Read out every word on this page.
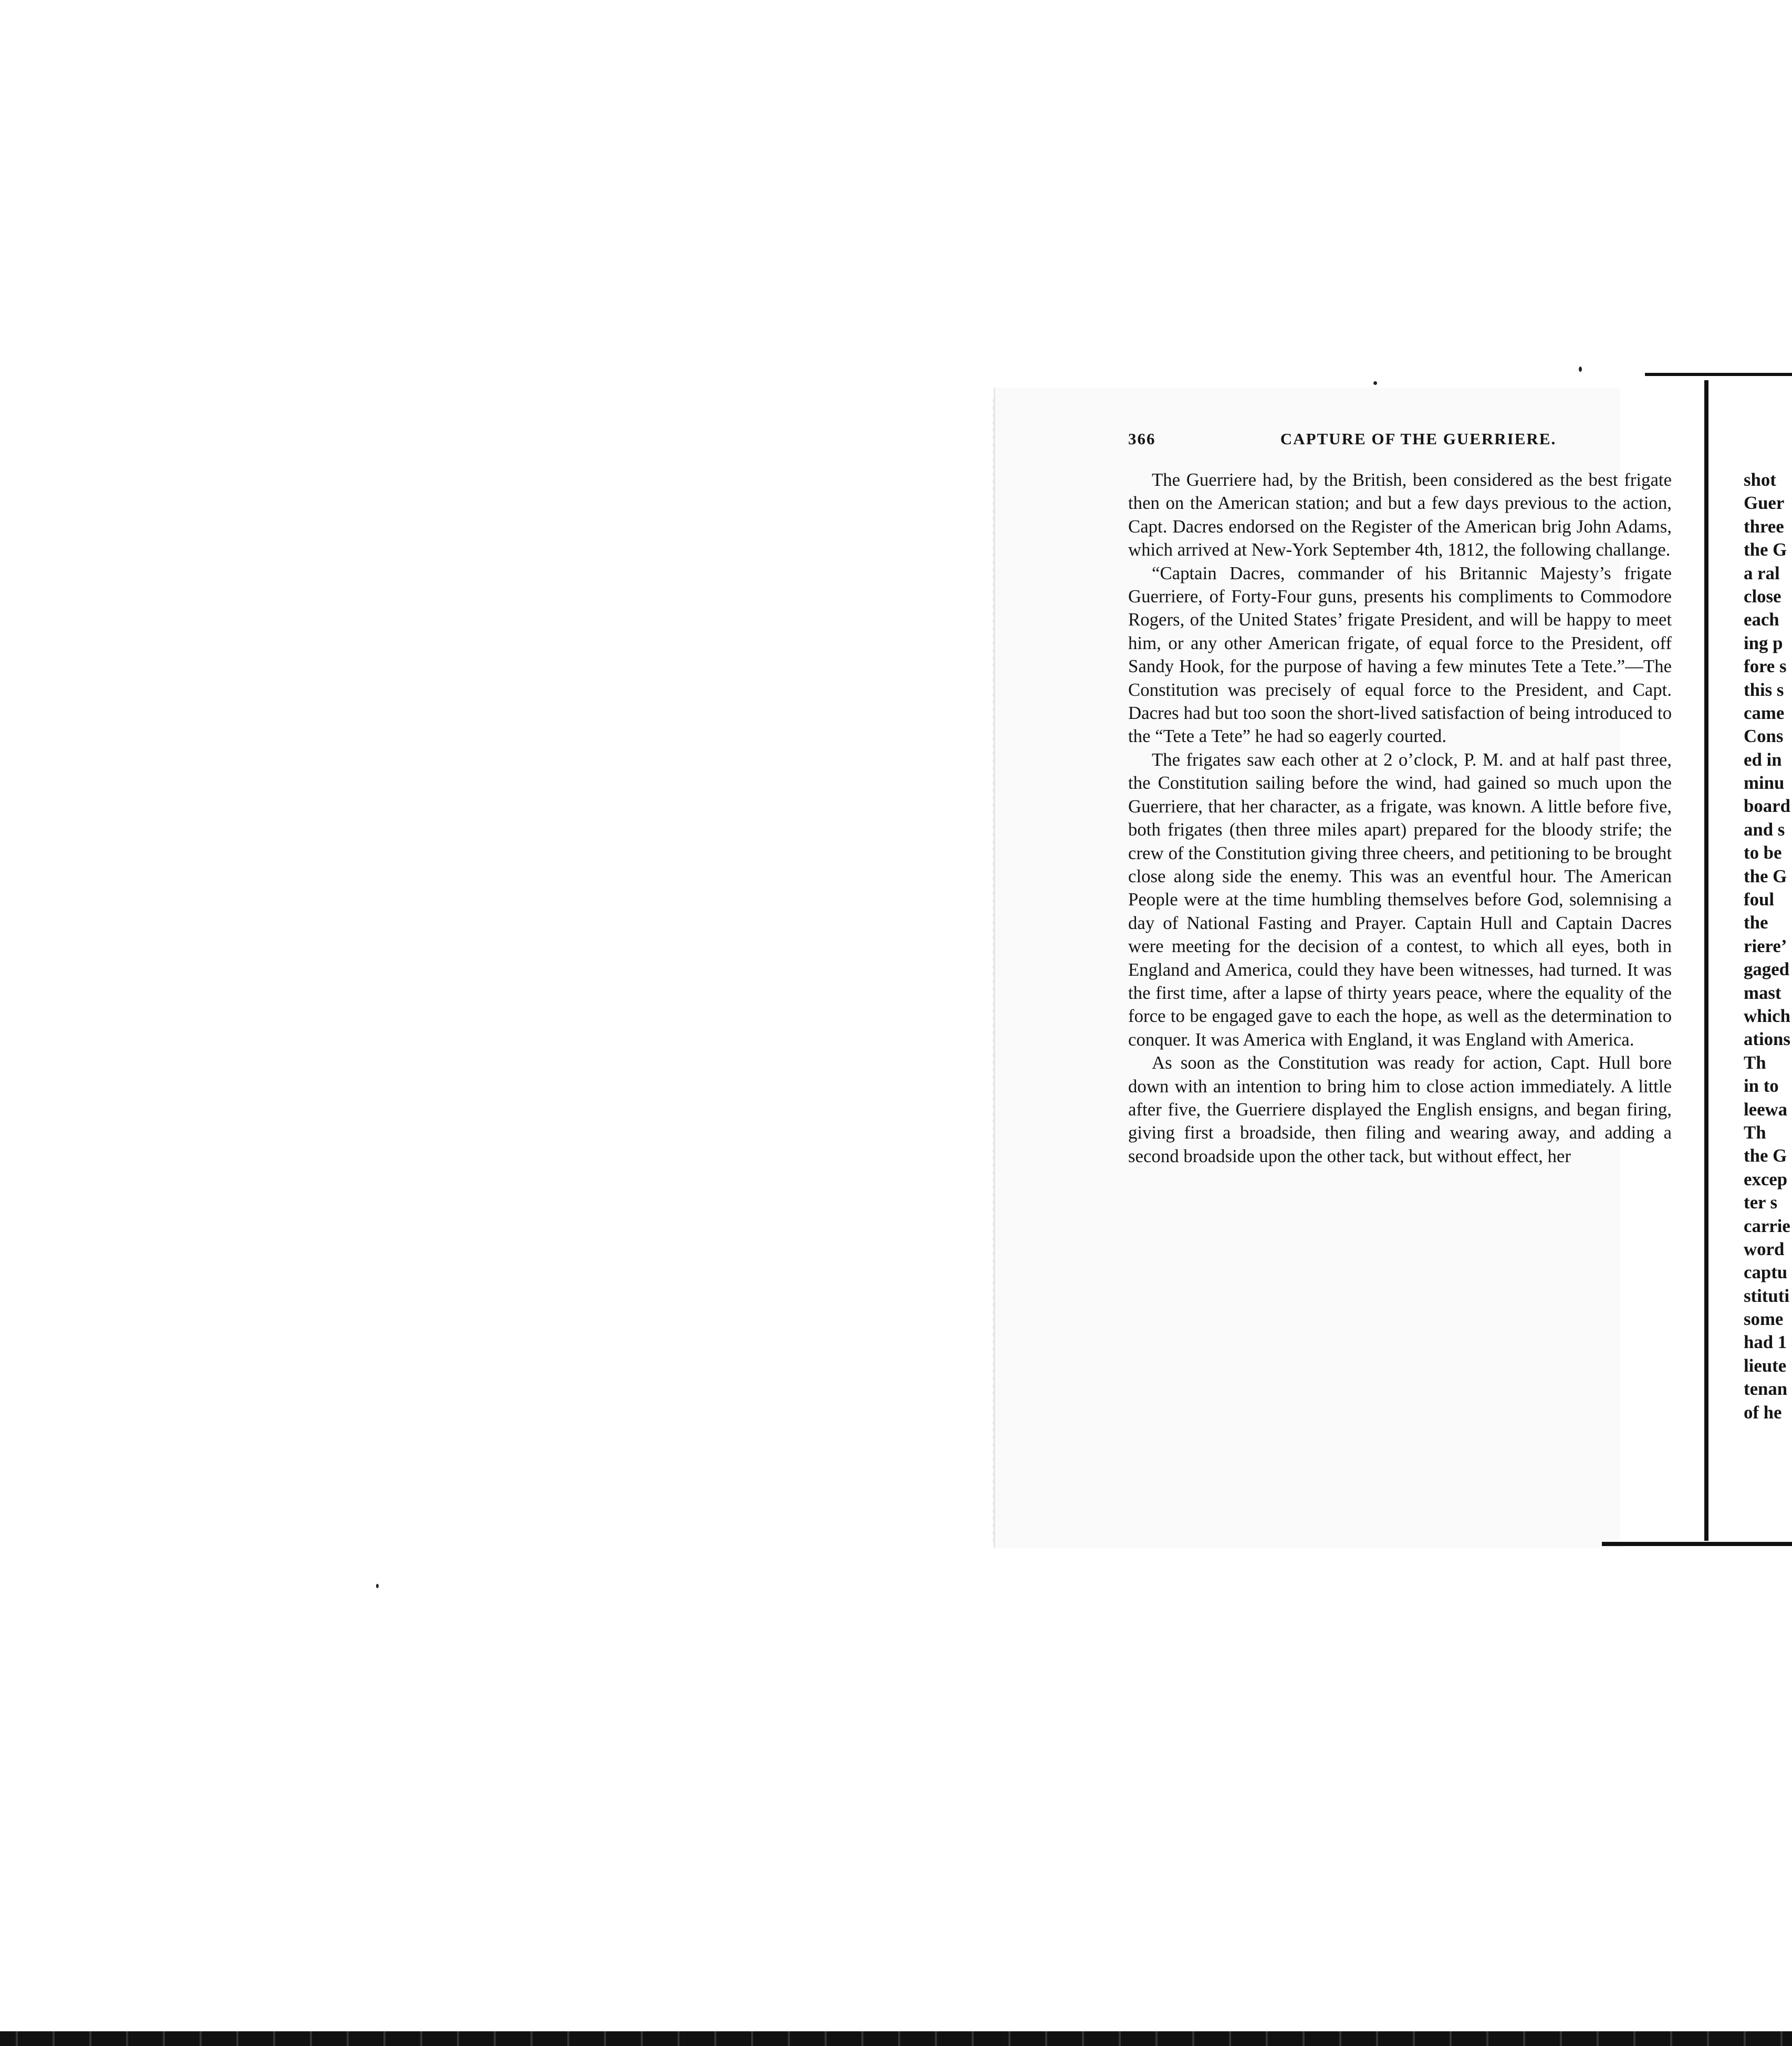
366	CAPTURE OF THE GUERRIERE.

The Guerriere had, by the British, been considered as the best frigate then on the American station; and but a few days previous to the action, Capt. Dacres endorsed on the Register of the American brig John Adams, which arrived at New-York September 4th, 1812, the following challange.

“Captain Dacres, commander of his Britannic Majesty’s frigate Guerriere, of Forty-Four guns, presents his compliments to Commodore Rogers, of the United States’ frigate President, and will be happy to meet him, or any other American frigate, of equal force to the President, off Sandy Hook, for the purpose of having a few minutes Tete a Tete.”—The Constitution was precisely of equal force to the President, and Capt. Dacres had but too soon the short-lived satisfaction of being introduced to the “Tete a Tete” he had so eagerly courted.

The frigates saw each other at 2 o’clock, P. M. and at half past three, the Constitution sailing before the wind, had gained so much upon the Guerriere, that her character, as a frigate, was known. A little before five, both frigates (then three miles apart) prepared for the bloody strife; the crew of the Constitution giving three cheers, and petitioning to be brought close along side the enemy. This was an eventful hour. The American People were at the time humbling themselves before God, solemnising a day of National Fasting and Prayer. Captain Hull and Captain Dacres were meeting for the decision of a contest, to which all eyes, both in England and America, could they have been witnesses, had turned. It was the first time, after a lapse of thirty years peace, where the equality of the force to be engaged gave to each the hope, as well as the determination to conquer. It was America with England, it was England with America.

As soon as the Constitution was ready for action, Capt. Hull bore down with an intention to bring him to close action immediately. A little after five, the Guerriere displayed the English ensigns, and began firing, giving first a broadside, then filing and wearing away, and adding a second broadside upon the other tack, but without effect, her

shot
Guer
three
the G
a ral
close
each
ing p
fore s
this s
came
Cons
ed in
minu
board
and s
to be
the G
foul
the
riere’
gaged
mast
which
ations
Th
in to
leewa
Th
the G
excep
ter s
carrie
word
captu
stituti
some
had 1
lieute
tenan
of he
